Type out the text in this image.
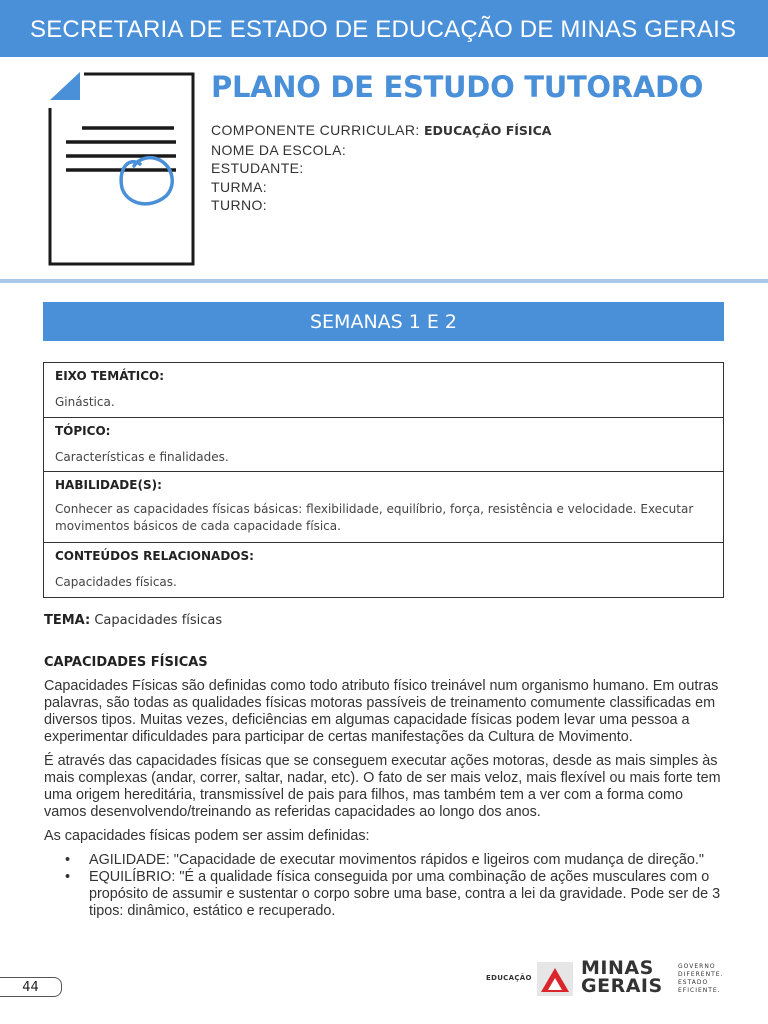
SECRETARIA DE ESTADO DE EDUCAÇÃO DE MINAS GERAIS
PLANO DE ESTUDO TUTORADO
COMPONENTE CURRICULAR: EDUCAÇÃO FÍSICA
NOME DA ESCOLA:
ESTUDANTE:
TURMA:
TURNO:
SEMANAS 1 E 2
EIXO TEMÁTICO:
Ginástica.
TÓPICO:
Características e finalidades.
HABILIDADE(S):
Conhecer as capacidades físicas básicas: flexibilidade, equilíbrio, força, resistência e velocidade. Executar movimentos básicos de cada capacidade física.
CONTEÚDOS RELACIONADOS:
Capacidades físicas.
TEMA: Capacidades físicas
CAPACIDADES FÍSICAS

Capacidades Físicas são definidas como todo atributo físico treinável num organismo humano. Em outras palavras, são todas as qualidades físicas motoras passíveis de treinamento comumente classificadas em diversos tipos. Muitas vezes, deficiências em algumas capacidade físicas podem levar uma pessoa a experimentar dificuldades para participar de certas manifestações da Cultura de Movimento.

É através das capacidades físicas que se conseguem executar ações motoras, desde as mais simples às mais complexas (andar, correr, saltar, nadar, etc). O fato de ser mais veloz, mais flexível ou mais forte tem uma origem hereditária, transmissível de pais para filhos, mas também tem a ver com a forma como vamos desenvolvendo/treinando as referidas capacidades ao longo dos anos.

As capacidades físicas podem ser assim definidas:

• AGILIDADE: "Capacidade de executar movimentos rápidos e ligeiros com mudança de direção."
• EQUILÍBRIO: "É a qualidade física conseguida por uma combinação de ações musculares com o propósito de assumir e sustentar o corpo sobre uma base, contra a lei da gravidade. Pode ser de 3 tipos: dinâmico, estático e recuperado.
44
EDUCAÇÃO	MINAS
GERAIS
GOVERNO
DIFERENTE.
ESTADO
EFICIENTE.
